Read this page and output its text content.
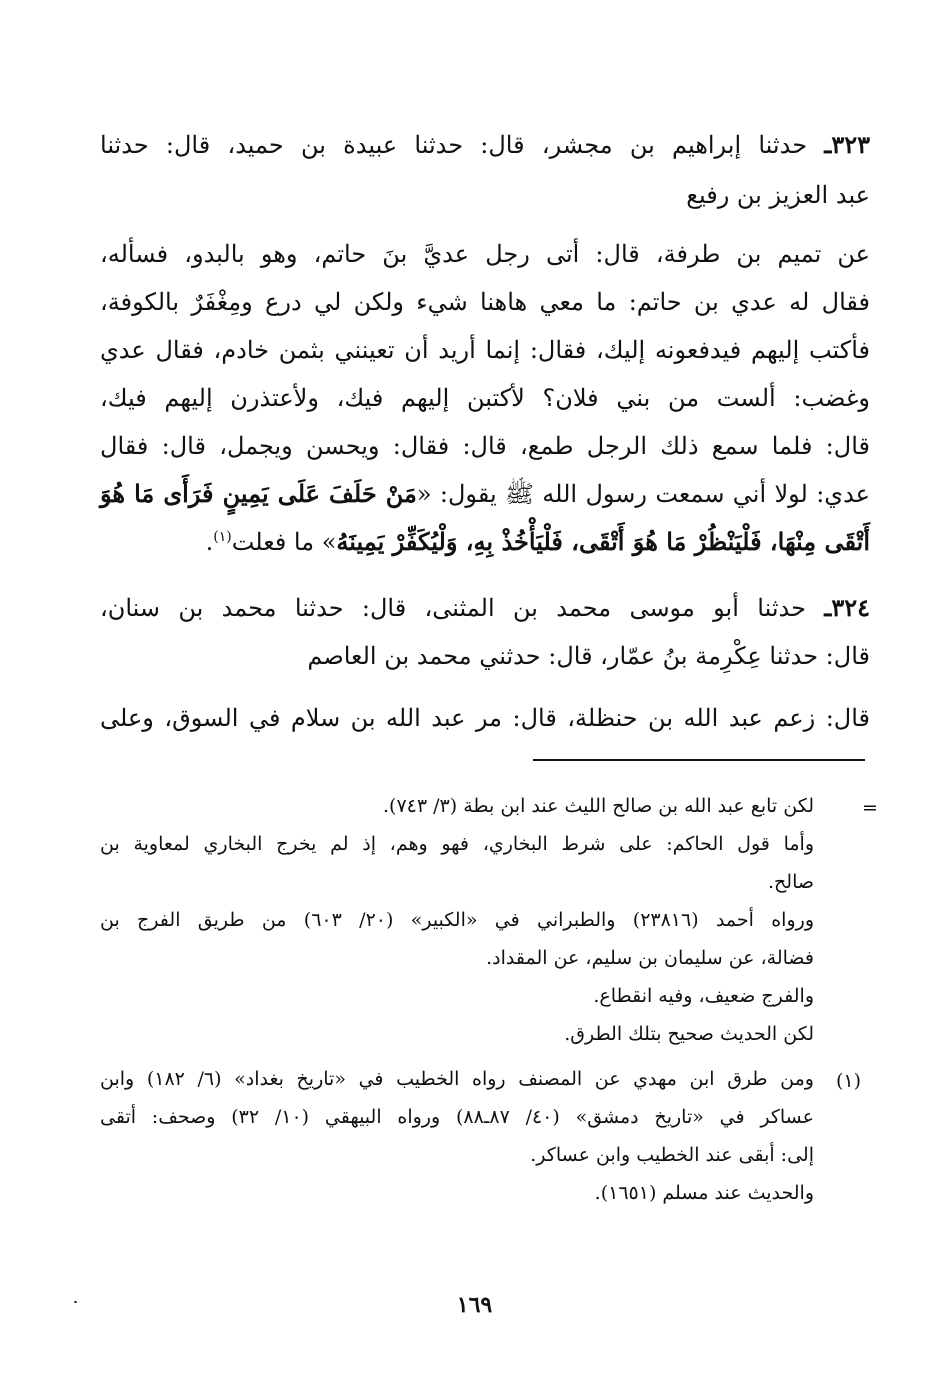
٣٢٣ـ حدثنا إبراهيم بن مجشر، قال: حدثنا عبيدة بن حميد، قال: حدثنا
عبد العزيز بن رفيع
عن تميم بن طرفة، قال: أتى رجل عديَّ بنَ حاتم، وهو بالبدو، فسأله،
فقال له عدي بن حاتم: ما معي هاهنا شيء ولكن لي درع ومِغْفَرٌ بالكوفة،
فأكتب إليهم فيدفعونه إليك، فقال: إنما أريد أن تعينني بثمن خادم، فقال عدي
وغضب: ألست من بني فلان؟ لأكتبن إليهم فيك، ولأعتذرن إليهم فيك،
قال: فلما سمع ذلك الرجل طمع، قال: فقال: ويحسن ويجمل، قال: فقال
عدي: لولا أني سمعت رسول الله ﷺ يقول: «مَنْ حَلَفَ عَلَى يَمِينٍ فَرَأَى مَا هُوَ
أَتْقَى مِنْهَا، فَلْيَنْظُرْ مَا هُوَ أَتْقَى، فَلْيَأْخُذْ بِهِ، وَلْيُكَفِّرْ يَمِينَهُ» ما فعلت$^{(١)}$.
٣٢٤ـ حدثنا أبو موسى محمد بن المثنى، قال: حدثنا محمد بن سنان،
قال: حدثنا عِكْرِمة بنُ عمّار، قال: حدثني محمد بن العاصم
قال: زعم عبد الله بن حنظلة، قال: مر عبد الله بن سلام في السوق، وعلى
=
لكن تابع عبد الله بن صالح الليث عند ابن بطة (٣/ ٧٤٣).
وأما قول الحاكم: على شرط البخاري، فهو وهم، إذ لم يخرج البخاري لمعاوية بن
صالح.
ورواه أحمد (٢٣٨١٦) والطبراني في «الكبير» (٢٠/ ٦٠٣) من طريق الفرج بن
فضالة، عن سليمان بن سليم، عن المقداد.
والفرج ضعيف، وفيه انقطاع.
لكن الحديث صحيح بتلك الطرق.
(١)
ومن طرق ابن مهدي عن المصنف رواه الخطيب في «تاريخ بغداد» (٦/ ١٨٢) وابن
عساكر في «تاريخ دمشق» (٤٠/ ٨٧ـ٨٨) ورواه البيهقي (١٠/ ٣٢) وصحف: أتقى
إلى: أبقى عند الخطيب وابن عساكر.
والحديث عند مسلم (١٦٥١).
١٦٩
